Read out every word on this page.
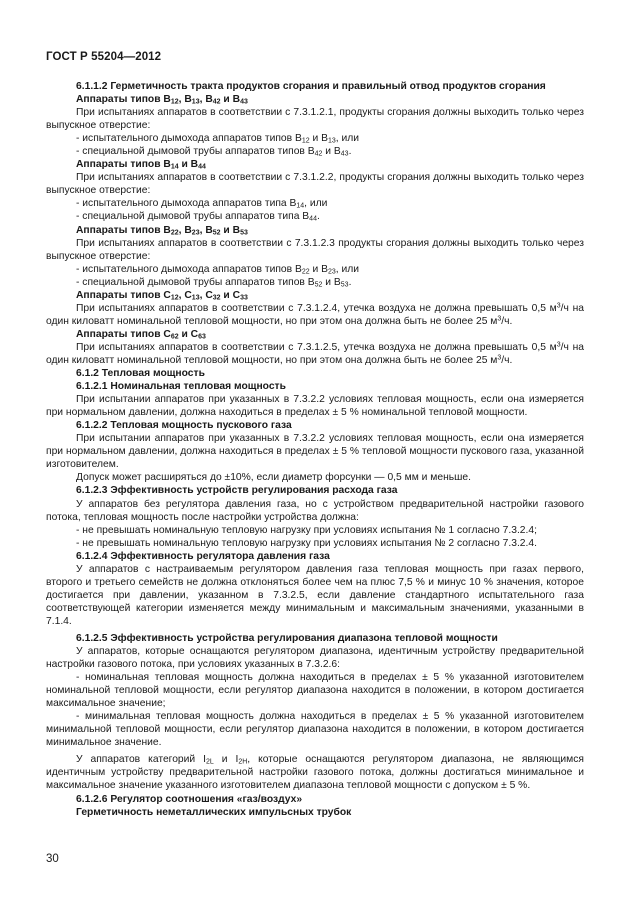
ГОСТ Р 55204—2012

6.1.1.2 Герметичность тракта продуктов сгорания и правильный отвод продуктов сгорания

Аппараты типов $B_{12}$, $B_{13}$, $B_{42}$ и $B_{43}$

При испытаниях аппаратов в соответствии с 7.3.1.2.1, продукты сгорания должны выходить только через выпускное отверстие:

- испытательного дымохода аппаратов типов $B_{12}$ и $B_{13}$, или

- специальной дымовой трубы аппаратов типов $B_{42}$ и $B_{43}$.

Аппараты типов $B_{14}$ и $B_{44}$

При испытаниях аппаратов в соответствии с 7.3.1.2.2, продукты сгорания должны выходить только через выпускное отверстие:

- испытательного дымохода аппаратов типа $B_{14}$, или

- специальной дымовой трубы аппаратов типа $B_{44}$.

Аппараты типов $B_{22}$, $B_{23}$, $B_{52}$ и $B_{53}$

При испытаниях аппаратов в соответствии с 7.3.1.2.3 продукты сгорания должны выходить только через выпускное отверстие:

- испытательного дымохода аппаратов типов $B_{22}$ и $B_{23}$, или

- специальной дымовой трубы аппаратов типов $B_{52}$ и $B_{53}$.

Аппараты типов $C_{12}$, $C_{13}$, $C_{32}$ и $C_{33}$

При испытаниях аппаратов в соответствии с 7.3.1.2.4, утечка воздуха не должна превышать 0,5 $м^3/ч$ на один киловатт номинальной тепловой мощности, но при этом она должна быть не более 25 $м^3/ч$.

Аппараты типов $C_{62}$ и $C_{63}$

При испытаниях аппаратов в соответствии с 7.3.1.2.5, утечка воздуха не должна превышать 0,5 $м^3/ч$ на один киловатт номинальной тепловой мощности, но при этом она должна быть не более 25 $м^3/ч$.

6.1.2 Тепловая мощность

6.1.2.1 Номинальная тепловая мощность

При испытании аппаратов при указанных в 7.3.2.2 условиях тепловая мощность, если она измеряется при нормальном давлении, должна находиться в пределах ± 5 % номинальной тепловой мощности.

6.1.2.2 Тепловая мощность пускового газа

При испытании аппаратов при указанных в 7.3.2.2 условиях тепловая мощность, если она измеряется при нормальном давлении, должна находиться в пределах ± 5 % тепловой мощности пускового газа, указанной изготовителем.

Допуск может расширяться до ±10%, если диаметр форсунки — 0,5 мм и меньше.

6.1.2.3 Эффективность устройств регулирования расхода газа

У аппаратов без регулятора давления газа, но с устройством предварительной настройки газового потока, тепловая мощность после настройки устройства должна:

- не превышать номинальную тепловую нагрузку при условиях испытания № 1 согласно 7.3.2.4;

- не превышать номинальную тепловую нагрузку при условиях испытания № 2 согласно 7.3.2.4.

6.1.2.4 Эффективность регулятора давления газа

У аппаратов с настраиваемым регулятором давления газа тепловая мощность при газах первого, второго и третьего семейств не должна отклоняться более чем на плюс 7,5 % и минус 10 % значения, которое достигается при давлении, указанном в 7.3.2.5, если давление стандартного испытательного газа соответствующей категории изменяется между минимальным и максимальным значениями, указанными в 7.1.4.

6.1.2.5 Эффективность устройства регулирования диапазона тепловой мощности

У аппаратов, которые оснащаются регулятором диапазона, идентичным устройству предварительной настройки газового потока, при условиях указанных в 7.3.2.6:

- номинальная тепловая мощность должна находиться в пределах ± 5 % указанной изготовителем номинальной тепловой мощности, если регулятор диапазона находится в положении, в котором достигается максимальное значение;

- минимальная тепловая мощность должна находиться в пределах ± 5 % указанной изготовителем минимальной тепловой мощности, если регулятор диапазона находится в положении, в котором достигается минимальное значение.

У аппаратов категорий $I_{2L}$ и $I_{2H}$, которые оснащаются регулятором диапазона, не являющимся идентичным устройству предварительной настройки газового потока, должны достигаться минимальное и максимальное значение указанного изготовителем диапазона тепловой мощности с допуском ± 5 %.

6.1.2.6 Регулятор соотношения «газ/воздух»

Герметичность неметаллических импульсных трубок

30
